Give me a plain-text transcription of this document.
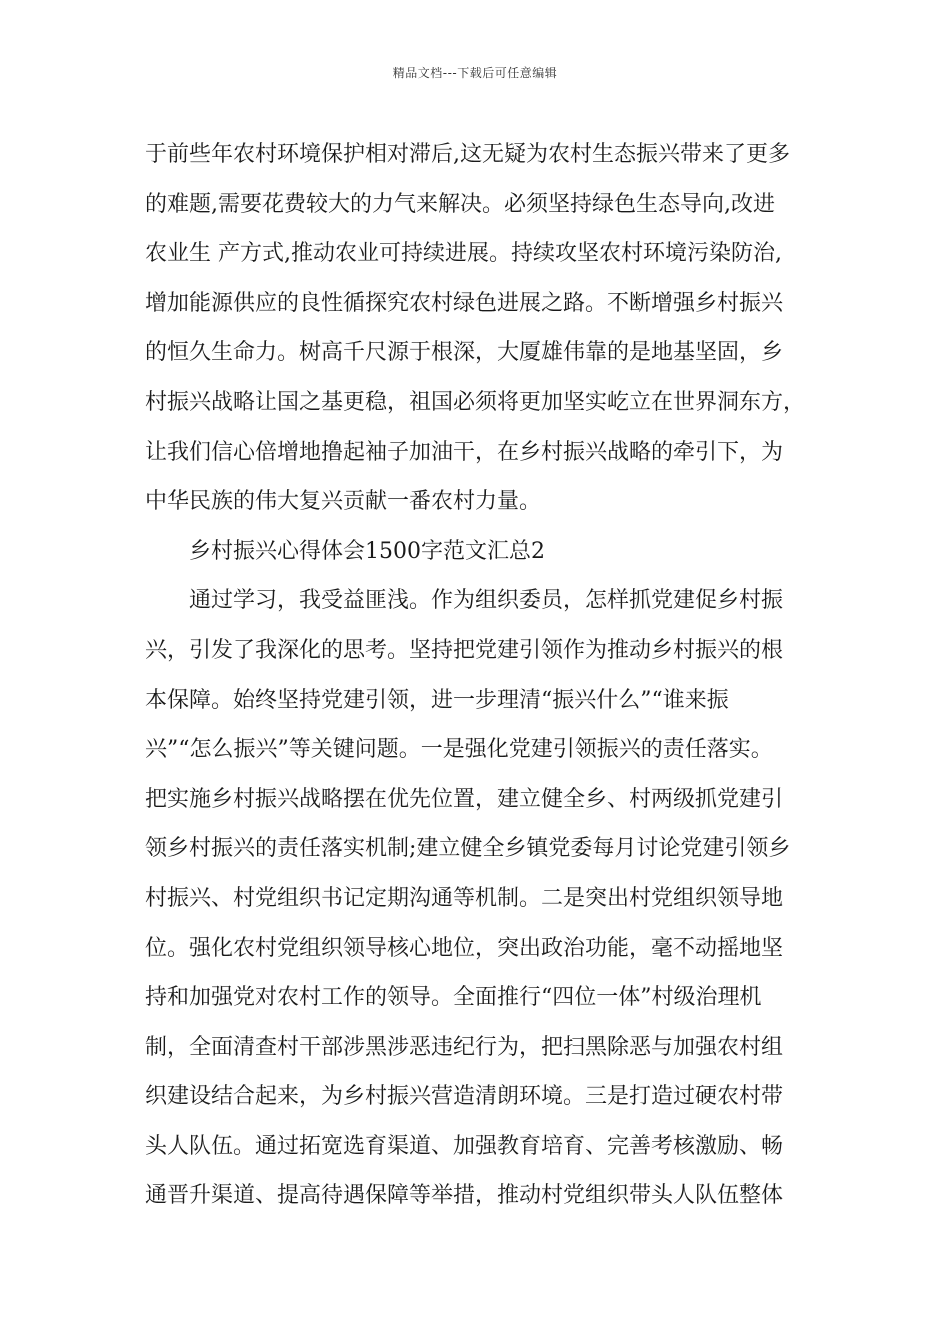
精品文档---下载后可任意编辑
于前些年农村环境保护相对滞后,这无疑为农村生态振兴带来了更多
的难题,需要花费较大的力气来解决。必须坚持绿色生态导向,改进
农业生 产方式,推动农业可持续进展。持续攻坚农村环境污染防治,
增加能源供应的良性循探究农村绿色进展之路。不断增强乡村振兴
的恒久生命力。树高千尺源于根深，大厦雄伟靠的是地基坚固，乡
村振兴战略让国之基更稳，祖国必须将更加坚实屹立在世界洞东方，
让我们信心倍增地撸起袖子加油干，在乡村振兴战略的牵引下，为
中华民族的伟大复兴贡献一番农村力量。
乡村振兴心得体会1500字范文汇总2
通过学习，我受益匪浅。作为组织委员，怎样抓党建促乡村振
兴，引发了我深化的思考。坚持把党建引领作为推动乡村振兴的根
本保障。始终坚持党建引领，进一步理清“振兴什么”“谁来振
兴”“怎么振兴”等关键问题。一是强化党建引领振兴的责任落实。
把实施乡村振兴战略摆在优先位置，建立健全乡、村两级抓党建引
领乡村振兴的责任落实机制;建立健全乡镇党委每月讨论党建引领乡
村振兴、村党组织书记定期沟通等机制。二是突出村党组织领导地
位。强化农村党组织领导核心地位，突出政治功能，毫不动摇地坚
持和加强党对农村工作的领导。全面推行“四位一体”村级治理机
制，全面清查村干部涉黑涉恶违纪行为，把扫黑除恶与加强农村组
织建设结合起来，为乡村振兴营造清朗环境。三是打造过硬农村带
头人队伍。通过拓宽选育渠道、加强教育培育、完善考核激励、畅
通晋升渠道、提高待遇保障等举措，推动村党组织带头人队伍整体
